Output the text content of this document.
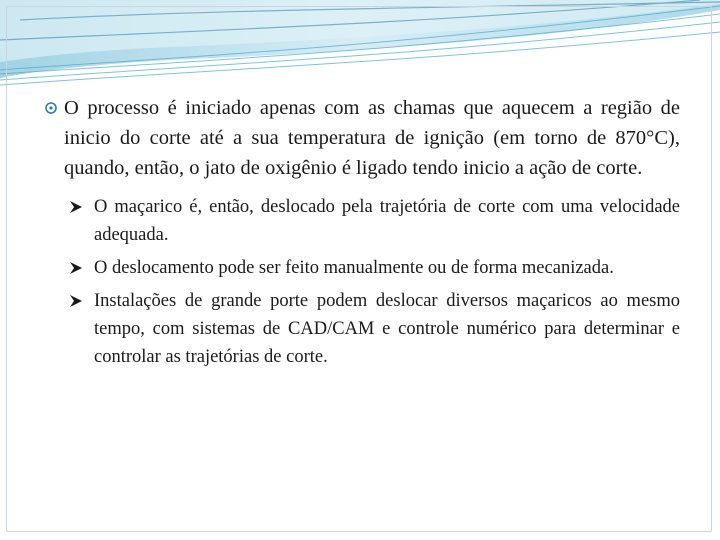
O processo é iniciado apenas com as chamas que aquecem a região de inicio do corte até a sua temperatura de ignição (em torno de 870°C), quando, então, o jato de oxigênio é ligado tendo inicio a ação de corte.

O maçarico é, então, deslocado pela trajetória de corte com uma velocidade adequada.
O deslocamento pode ser feito manualmente ou de forma mecanizada.
Instalações de grande porte podem deslocar diversos maçaricos ao mesmo tempo, com sistemas de CAD/CAM e controle numérico para determinar e controlar as trajetórias de corte.
